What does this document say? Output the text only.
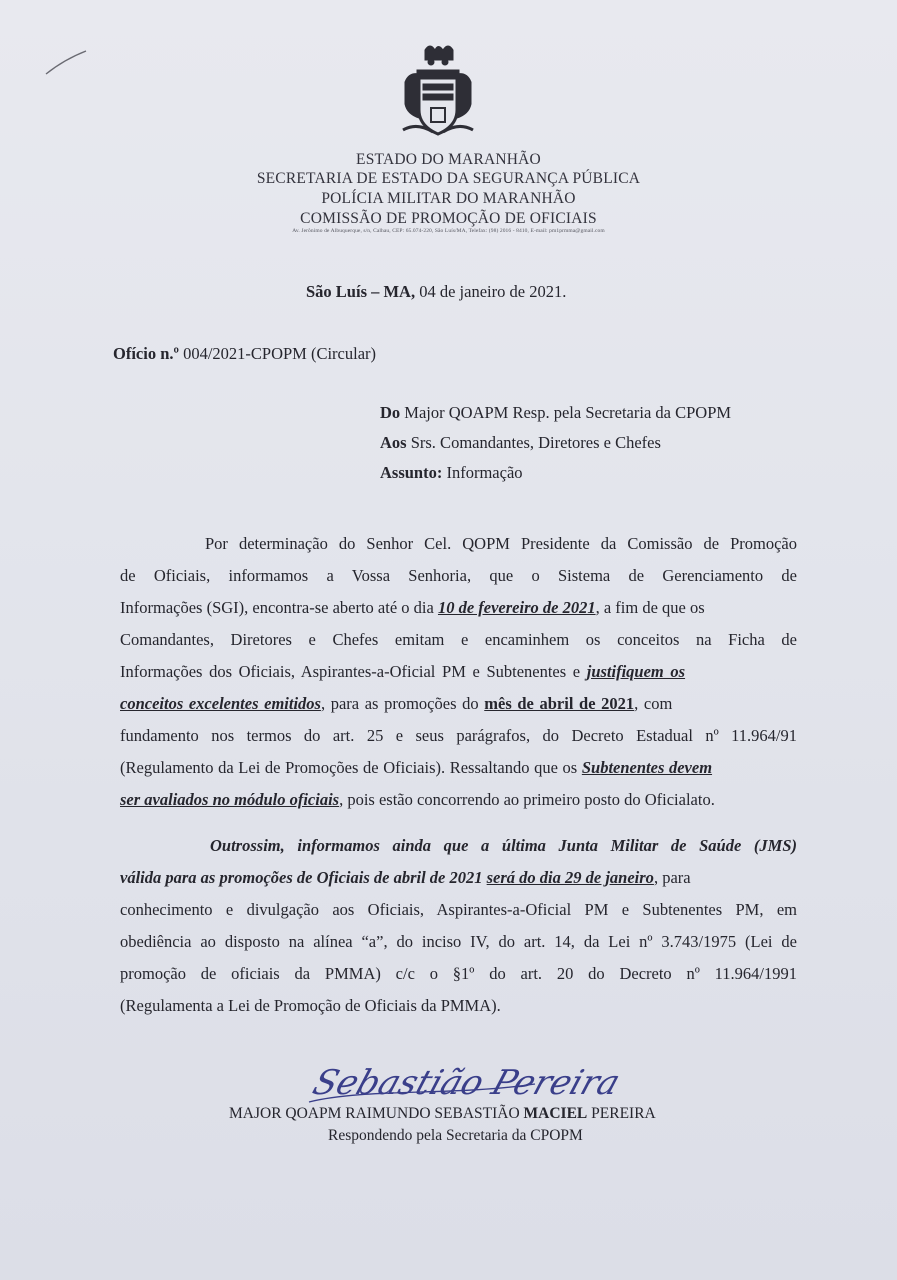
ESTADO DO MARANHÃO
SECRETARIA DE ESTADO DA SEGURANÇA PÚBLICA
POLÍCIA MILITAR DO MARANHÃO
COMISSÃO DE PROMOÇÃO DE OFICIAIS
Av. Jerônimo de Albuquerque, s/n, Calhau, CEP: 65.074-220, São Luís/MA, Telefax: (98) 2016 - 8410, E-mail: pm1prmma@gmail.com
São Luís – MA, 04 de janeiro de 2021.
Ofício n.º 004/2021-CPOPM (Circular)
Do Major QOAPM Resp. pela Secretaria da CPOPM
Aos Srs. Comandantes, Diretores e Chefes
Assunto: Informação
Por determinação do Senhor Cel. QOPM Presidente da Comissão de Promoção
de Oficiais, informamos a Vossa Senhoria, que o Sistema de Gerenciamento de
Informações (SGI), encontra-se aberto até o dia 10 de fevereiro de 2021, a fim de que os
Comandantes, Diretores e Chefes emitam e encaminhem os conceitos na Ficha de
Informações dos Oficiais, Aspirantes-a-Oficial PM e Subtenentes e justifiquem os
conceitos excelentes emitidos, para as promoções do mês de abril de 2021, com
fundamento nos termos do art. 25 e seus parágrafos, do Decreto Estadual nº 11.964/91
(Regulamento da Lei de Promoções de Oficiais). Ressaltando que os Subtenentes devem
ser avaliados no módulo oficiais, pois estão concorrendo ao primeiro posto do Oficialato.
Outrossim, informamos ainda que a última Junta Militar de Saúde (JMS)
válida para as promoções de Oficiais de abril de 2021 será do dia 29 de janeiro, para
conhecimento e divulgação aos Oficiais, Aspirantes-a-Oficial PM e Subtenentes PM, em
obediência ao disposto na alínea “a”, do inciso IV, do art. 14, da Lei nº 3.743/1975 (Lei de
promoção de oficiais da PMMA) c/c o §1º do art. 20 do Decreto nº 11.964/1991
(Regulamenta a Lei de Promoção de Oficiais da PMMA).
Sebastião Pereira
MAJOR QOAPM RAIMUNDO SEBASTIÃO MACIEL PEREIRA
Respondendo pela Secretaria da CPOPM
